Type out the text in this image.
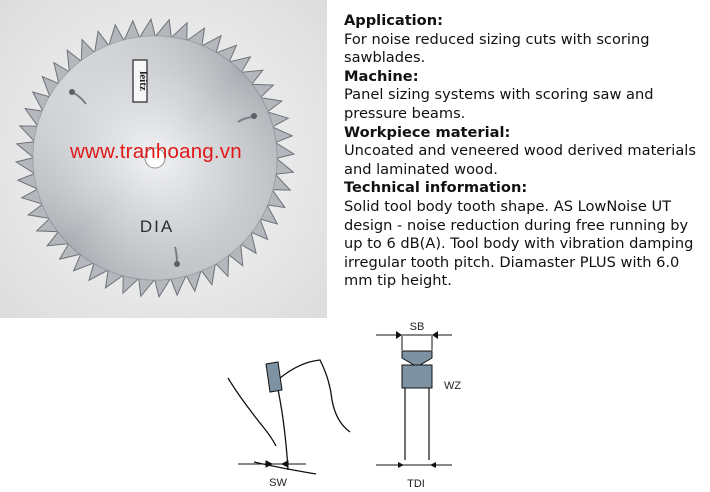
leitz
DIA
www.tranhoang.vn
Application:
For noise reduced sizing cuts with scoring sawblades.
Machine:
Panel sizing systems with scoring saw and pressure beams.
Workpiece material:
Uncoated and veneered wood derived materials and laminated wood.
Technical information:
Solid tool body tooth shape. AS LowNoise UT design - noise reduction during free running by up to 6 dB(A). Tool body with vibration damping irregular tooth pitch. Diamaster PLUS with 6.0 mm tip height.
SW
SB
WZ
TDI
